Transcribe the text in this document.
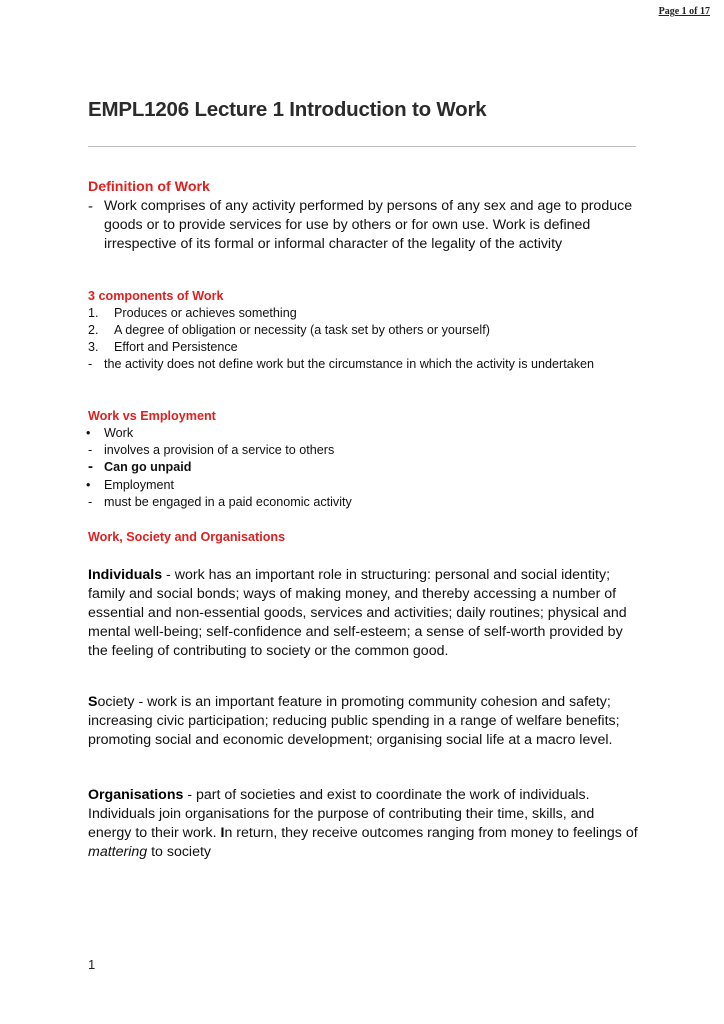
Page 1 of 17
EMPL1206 Lecture 1 Introduction to Work
Definition of Work

- Work comprises of any activity performed by persons of any sex and age to produce goods or to provide services for use by others or for own use. Work is defined irrespective of its formal or informal character of the legality of the activity

3 components of Work

1.	Produces or achieves something

2.	A degree of obligation or necessity (a task set by others or yourself)

3.	Effort and Persistence

- the activity does not define work but the circumstance in which the activity is undertaken

Work vs Employment

•	Work

- involves a provision of a service to others

- Can go unpaid

•	Employment

- must be engaged in a paid economic activity

Work, Society and Organisations

Individuals - work has an important role in structuring: personal and social identity; family and social bonds; ways of making money, and thereby accessing a number of essential and non-essential goods, services and activities; daily routines; physical and mental well-being; self-confidence and self-esteem; a sense of self-worth provided by the feeling of contributing to society or the common good.

Society - work is an important feature in promoting community cohesion and safety; increasing civic participation; reducing public spending in a range of welfare benefits; promoting social and economic development; organising social life at a macro level.

Organisations - part of societies and exist to coordinate the work of individuals. Individuals join organisations for the purpose of contributing their time, skills, and energy to their work. In return, they receive outcomes ranging from money to feelings of mattering to society

1
